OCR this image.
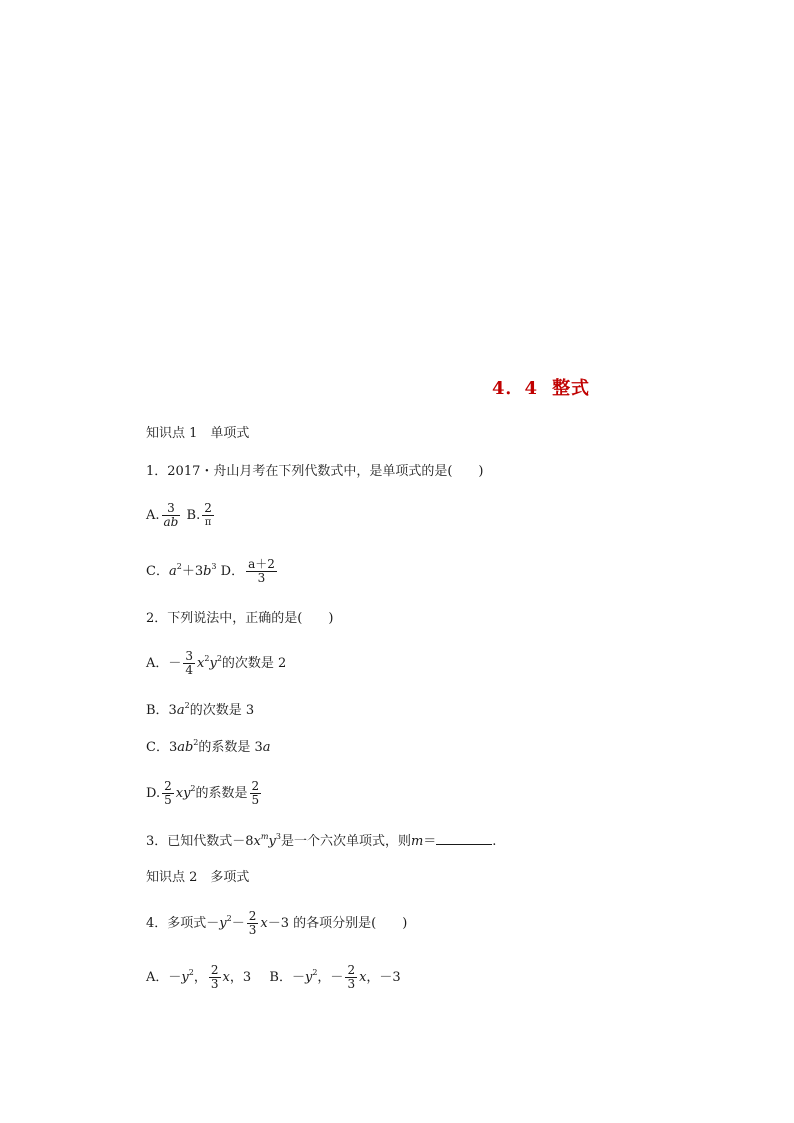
4．4 整式
知识点 1　单项式
1．2017・舟山月考在下列代数式中，是单项式的是(　　)
A. $\frac{3}{ab} B$. $\frac{2}{\pi}$
C．$a^2+3b^3$ D． $\frac{a+2}{3}$
2．下列说法中，正确的是(　　)
A．－ $\frac{3}{4} x^2y^2$的次数是 2
B．$3a^2$的次数是 3
C．$3ab^2$的系数是 3a
D. $\frac{2}{5} xy^2$的系数是 $\frac{2}{5}$
3．已知代数式$-8x^my^3$是一个六次单项式，则m＝	.
知识点 2　多项式
4．多项式$-y^2- \frac{2}{3} x-3$ 的各项分别是(　　)
A．$-y^2$， $\frac{2}{3}$ x，3 B．$-y^2$，－ $\frac{2}{3}$ x，－3
